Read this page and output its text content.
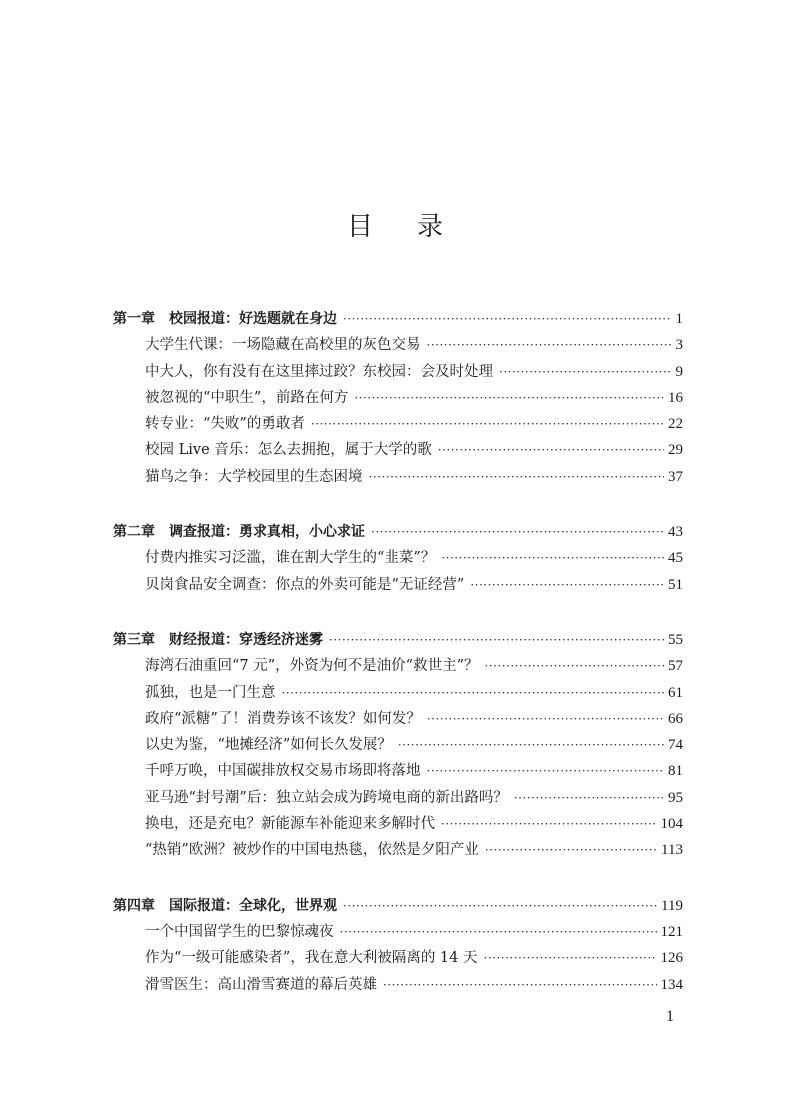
目录
第一章 校园报道：好选题就在身边 ·····	1
大学生代课：一场隐藏在高校里的灰色交易 ·····	3
中大人，你有没有在这里摔过跤？东校园：会及时处理 ·····	9
被忽视的“中职生”，前路在何方 ·····	16
转专业：“失败”的勇敢者 ·····	22
校园 Live 音乐：怎么去拥抱，属于大学的歌 ·····	29
猫鸟之争：大学校园里的生态困境 ·····	37
第二章 调查报道：勇求真相，小心求证 ·····	43
付费内推实习泛滥，谁在割大学生的“韭菜”？ ·····	45
贝岗食品安全调查：你点的外卖可能是“无证经营” ·····	51
第三章 财经报道：穿透经济迷雾 ·····	55
海湾石油重回“7 元”，外资为何不是油价“救世主”？ ·····	57
孤独，也是一门生意 ·····	61
政府“派糖”了！消费券该不该发？如何发？ ·····	66
以史为鉴，“地摊经济”如何长久发展？ ·····	74
千呼万唤，中国碳排放权交易市场即将落地 ·····	81
亚马逊“封号潮”后：独立站会成为跨境电商的新出路吗？ ·····	95
换电，还是充电？新能源车补能迎来多解时代 ·····	104
“热销”欧洲？被炒作的中国电热毯，依然是夕阳产业 ·····	113
第四章 国际报道：全球化，世界观 ·····	119
一个中国留学生的巴黎惊魂夜 ·····	121
作为“一级可能感染者”，我在意大利被隔离的 14 天 ·····	126
滑雪医生：高山滑雪赛道的幕后英雄 ·····	134
1
